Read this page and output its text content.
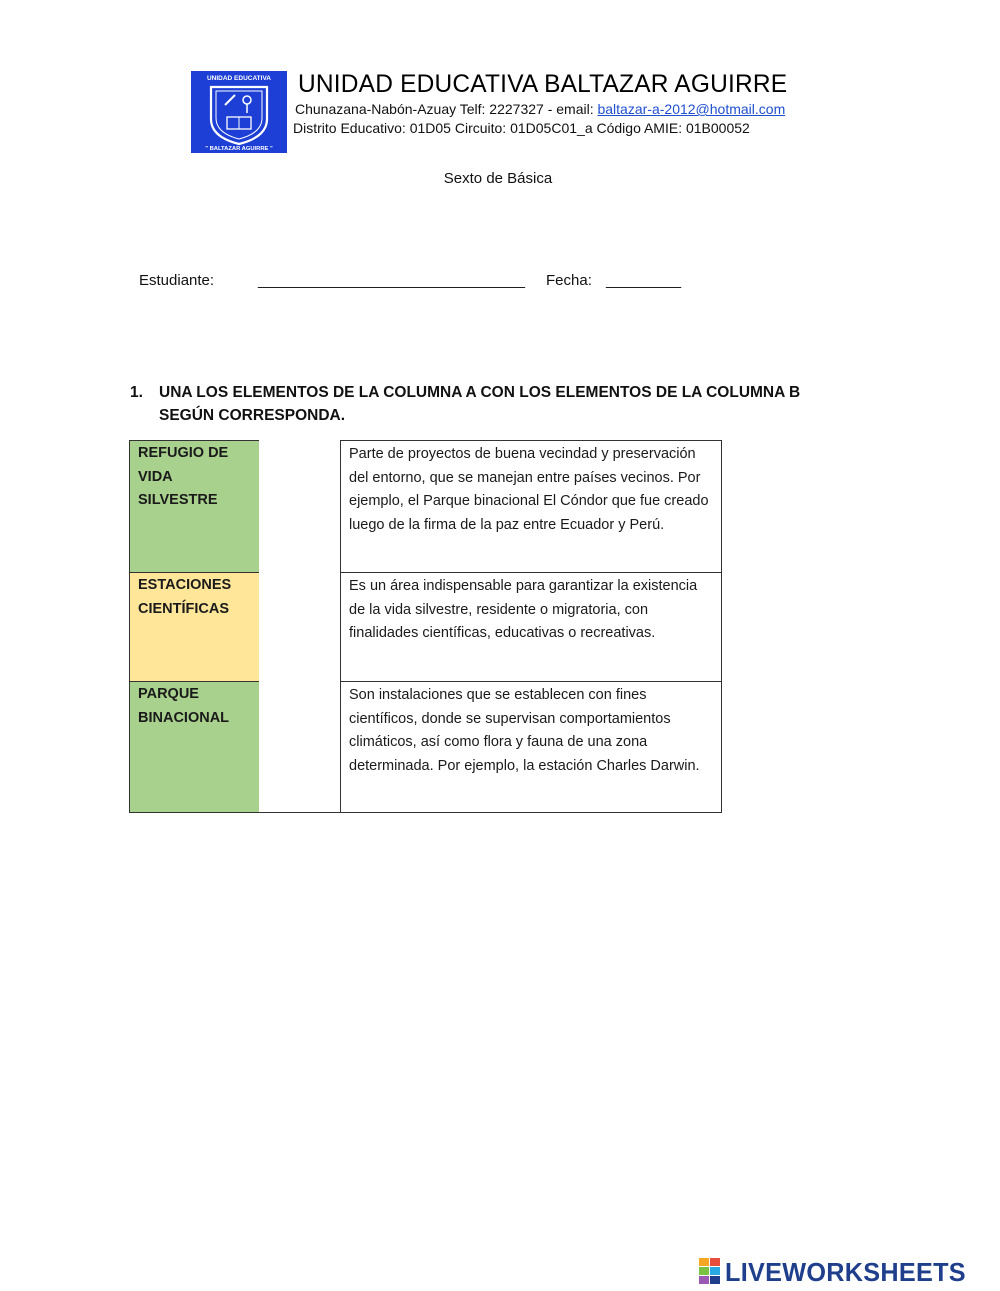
UNIDAD EDUCATIVA
" BALTAZAR AGUIRRE "
UNIDAD EDUCATIVA BALTAZAR AGUIRRE
Chunazana-Nabón-Azuay Telf: 2227327 - email: baltazar-a-2012@hotmail.com
Distrito Educativo: 01D05 Circuito: 01D05C01_a Código AMIE: 01B00052
Sexto de Básica
Estudiante:	________________________________ Fecha: _________
1. UNA LOS ELEMENTOS DE LA COLUMNA A CON LOS ELEMENTOS DE LA COLUMNA B SEGÚN CORRESPONDA.
REFUGIO DE VIDA SILVESTRE
Parte de proyectos de buena vecindad y preservación del entorno, que se manejan entre países vecinos. Por ejemplo, el Parque binacional El Cóndor que fue creado luego de la firma de la paz entre Ecuador y Perú.
ESTACIONES CIENTÍFICAS
Es un área indispensable para garantizar la existencia de la vida silvestre, residente o migratoria, con finalidades científicas, educativas o recreativas.
PARQUE BINACIONAL
Son instalaciones que se establecen con fines científicos, donde se supervisan comportamientos climáticos, así como flora y fauna de una zona determinada. Por ejemplo, la estación Charles Darwin.
LIVEWORKSHEETS
